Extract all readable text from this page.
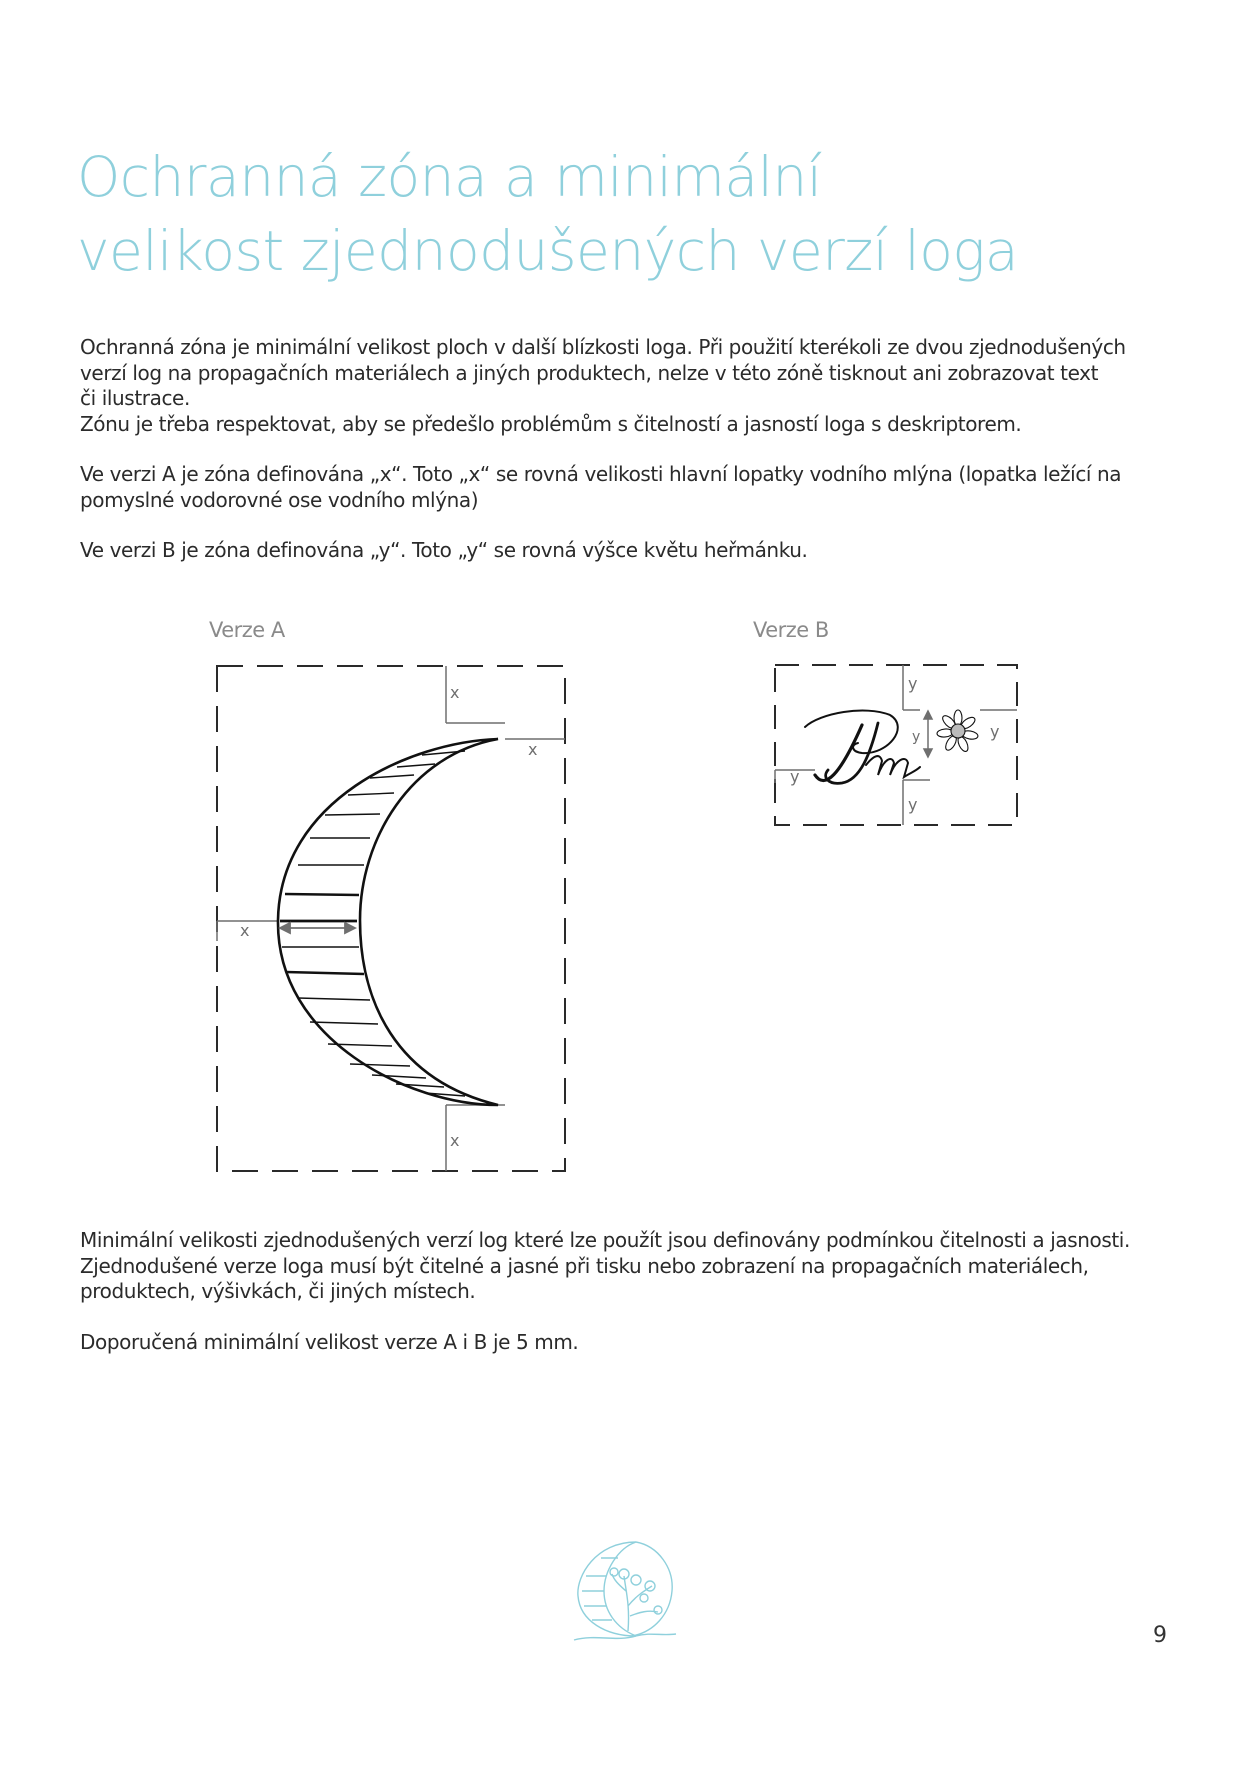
Ochranná zóna a minimální
velikost zjednodušených verzí loga

Ochranná zóna je minimální velikost ploch v další blízkosti loga. Při použití kterékoli ze dvou zjednodušených
verzí log na propagačních materiálech a jiných produktech, nelze v této zóně tisknout ani zobrazovat text
či ilustrace.

Zónu je třeba respektovat, aby se předešlo problémům s čitelností a jasností loga s deskriptorem.

Ve verzi A je zóna definována „x“. Toto „x“ se rovná velikosti hlavní lopatky vodního mlýna (lopatka ležící na
pomyslné vodorovné ose vodního mlýna)

Ve verzi B je zóna definována „y“. Toto „y“ se rovná výšce květu heřmánku.

Verze A	Verze B
x
x
x
x
y
y
y
y
y

Minimální velikosti zjednodušených verzí log které lze použít jsou definovány podmínkou čitelnosti a jasnosti.
Zjednodušené verze loga musí být čitelné a jasné při tisku nebo zobrazení na propagačních materiálech,
produktech, výšivkách, či jiných místech.

Doporučená minimální velikost verze A i B je 5 mm.

9
